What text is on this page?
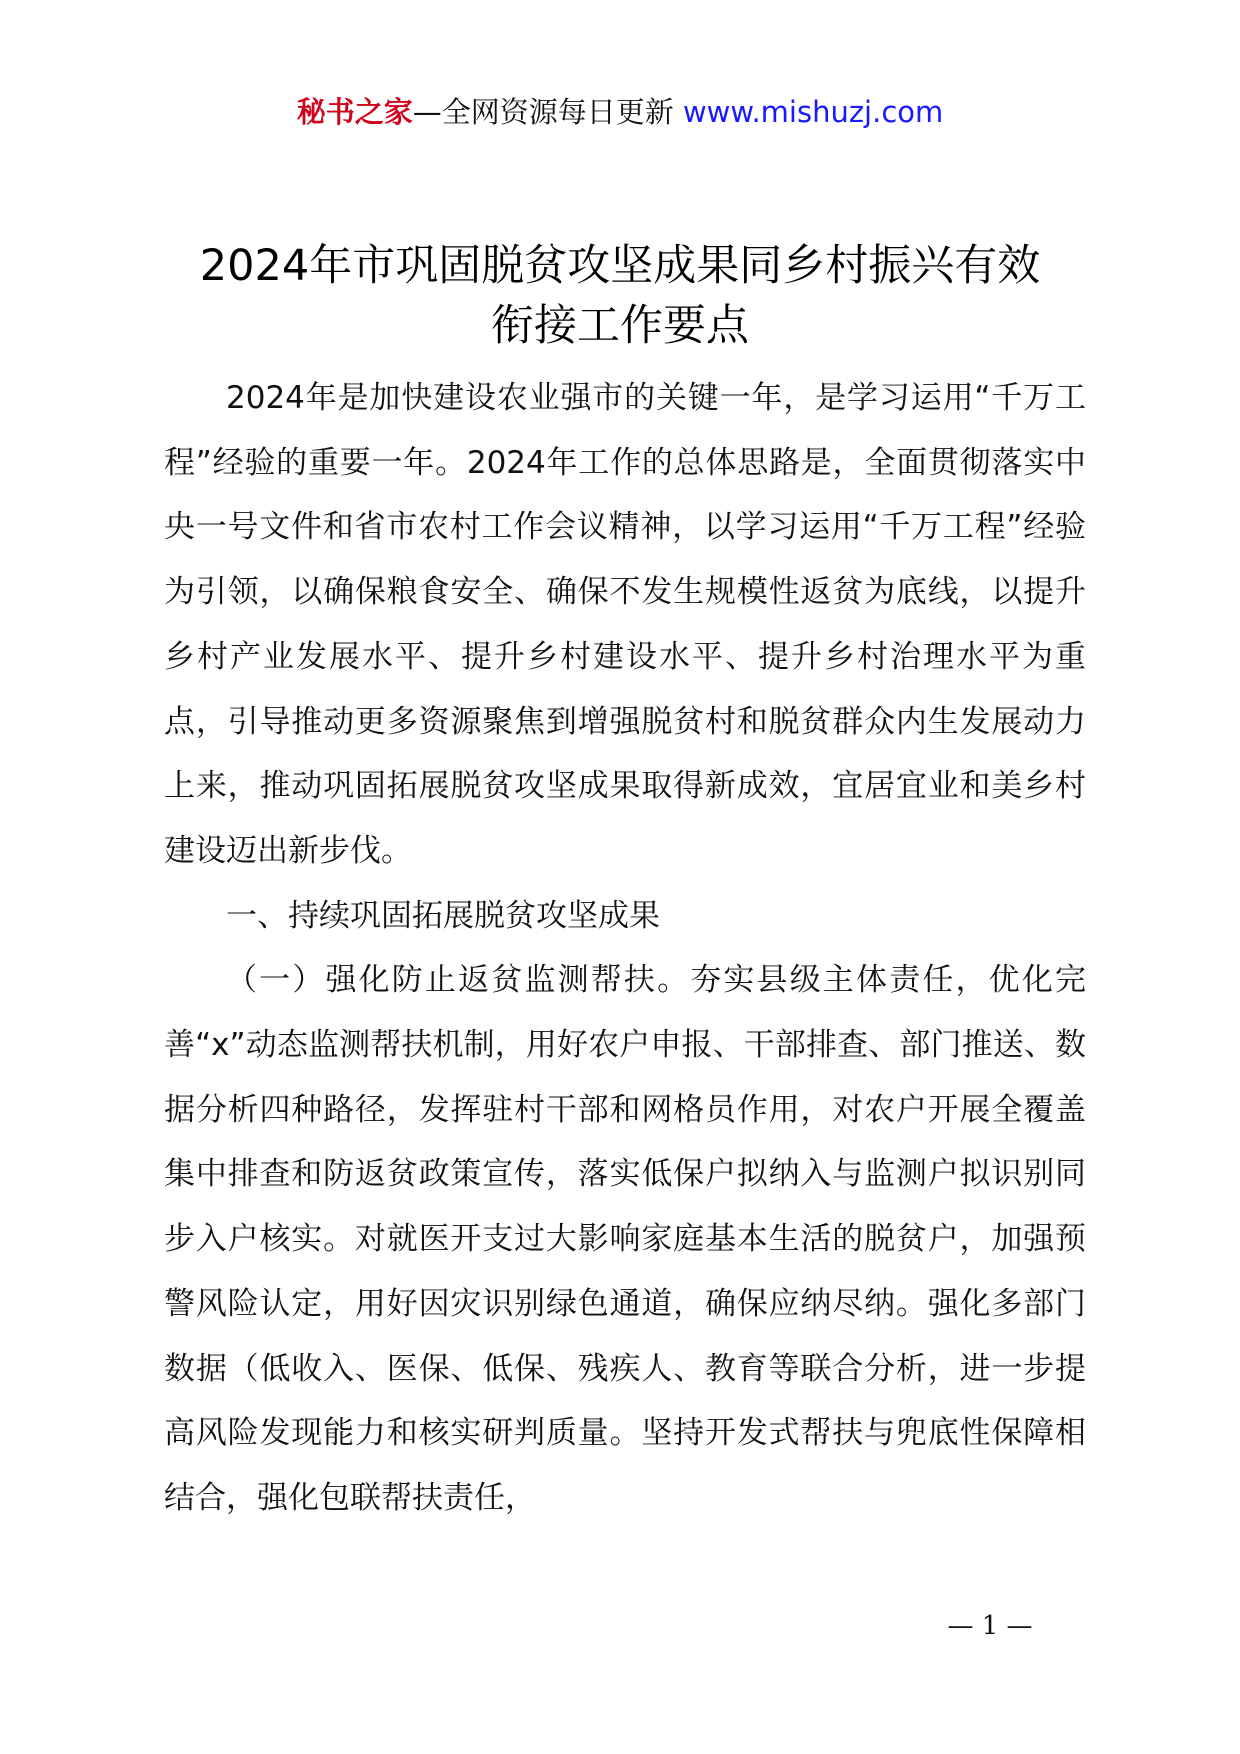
秘书之家—全网资源每日更新 www.mishuzj.com
2024年市巩固脱贫攻坚成果同乡村振兴有效
衔接工作要点

2024年是加快建设农业强市的关键一年，是学习运用“千万工程”经验的重要一年。2024年工作的总体思路是，全面贯彻落实中央一号文件和省市农村工作会议精神，以学习运用“千万工程”经验为引领，以确保粮食安全、确保不发生规模性返贫为底线，以提升乡村产业发展水平、提升乡村建设水平、提升乡村治理水平为重点，引导推动更多资源聚焦到增强脱贫村和脱贫群众内生发展动力上来，推动巩固拓展脱贫攻坚成果取得新成效，宜居宜业和美乡村建设迈出新步伐。

一、持续巩固拓展脱贫攻坚成果

（一）强化防止返贫监测帮扶。夯实县级主体责任，优化完善“x”动态监测帮扶机制，用好农户申报、干部排查、部门推送、数据分析四种路径，发挥驻村干部和网格员作用，对农户开展全覆盖集中排查和防返贫政策宣传，落实低保户拟纳入与监测户拟识别同步入户核实。对就医开支过大影响家庭基本生活的脱贫户，加强预警风险认定，用好因灾识别绿色通道，确保应纳尽纳。强化多部门数据（低收入、医保、低保、残疾人、教育等联合分析，进一步提高风险发现能力和核实研判质量。坚持开发式帮扶与兜底性保障相结合，强化包联帮扶责任，

— 1 —
